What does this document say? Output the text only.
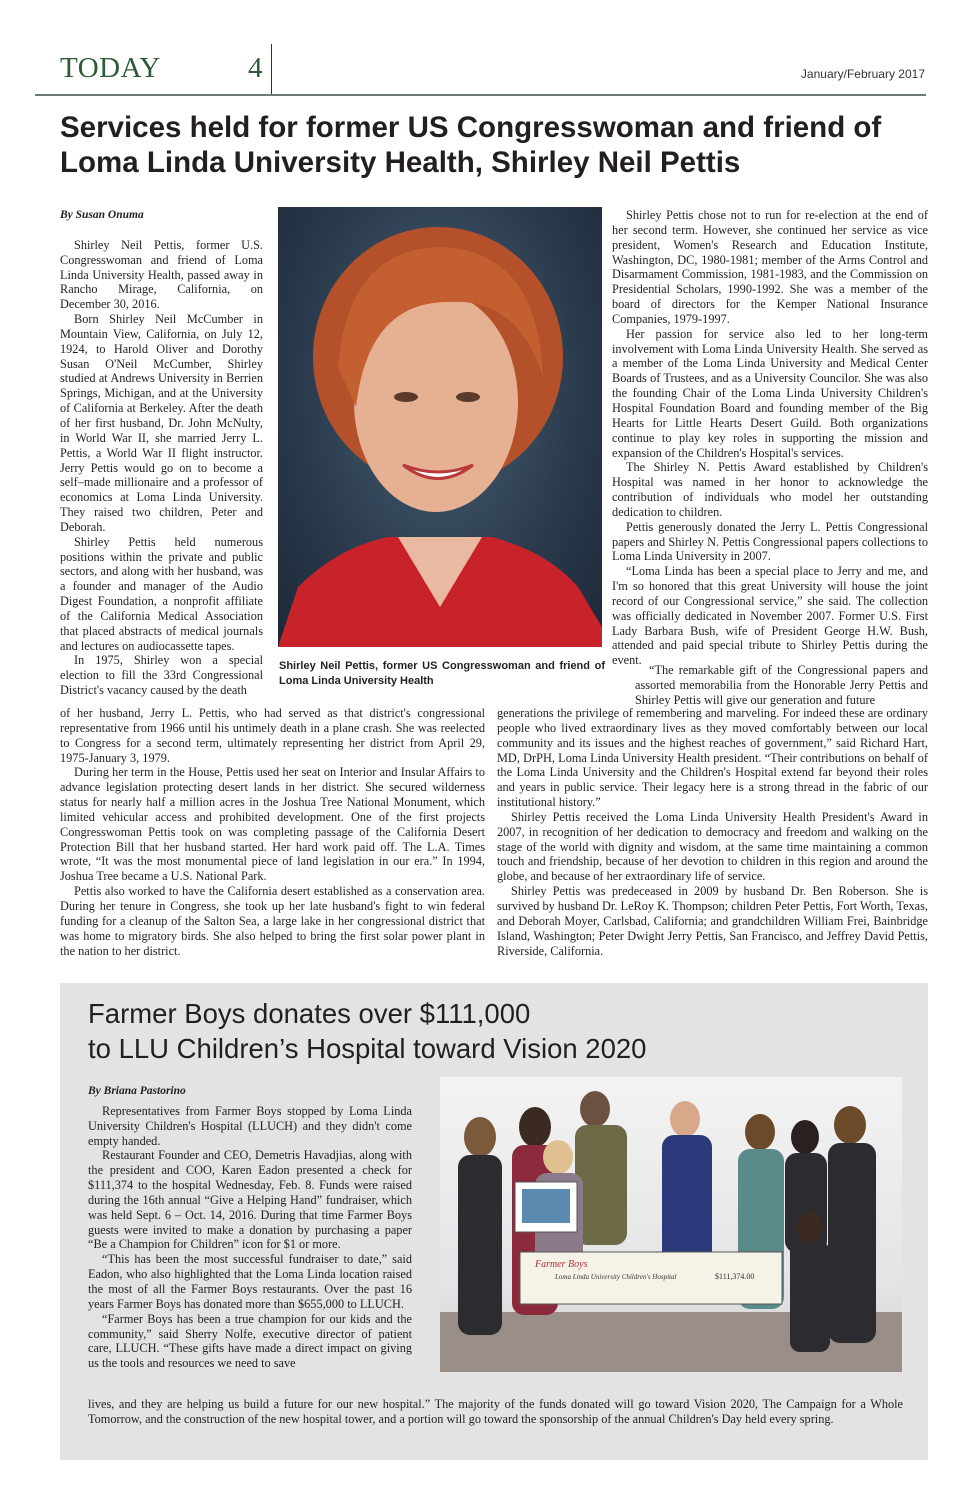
TODAY	4	January/February 2017
Services held for former US Congresswoman and friend of Loma Linda University Health, Shirley Neil Pettis

By Susan Onuma

Shirley Neil Pettis, former U.S. Congresswoman and friend of Loma Linda University Health, passed away in Rancho Mirage, California, on December 30, 2016.

Born Shirley Neil McCumber in Mountain View, California, on July 12, 1924, to Harold Oliver and Dorothy Susan O'Neil McCumber, Shirley studied at Andrews University in Berrien Springs, Michigan, and at the University of California at Berkeley. After the death of her first husband, Dr. John McNulty, in World War II, she married Jerry L. Pettis, a World War II flight instructor. Jerry Pettis would go on to become a self–made millionaire and a professor of economics at Loma Linda University. They raised two children, Peter and Deborah.

Shirley Pettis held numerous positions within the private and public sectors, and along with her husband, was a founder and manager of the Audio Digest Foundation, a nonprofit affiliate of the California Medical Association that placed abstracts of medical journals and lectures on audiocassette tapes.

In 1975, Shirley won a special election to fill the 33rd Congressional District's vacancy caused by the death

Shirley Neil Pettis, former US Congresswoman and friend of Loma Linda University Health

of her husband, Jerry L. Pettis, who had served as that district's congressional representative from 1966 until his untimely death in a plane crash. She was reelected to Congress for a second term, ultimately representing her district from April 29, 1975-January 3, 1979.

During her term in the House, Pettis used her seat on Interior and Insular Affairs to advance legislation protecting desert lands in her district. She secured wilderness status for nearly half a million acres in the Joshua Tree National Monument, which limited vehicular access and prohibited development. One of the first projects Congresswoman Pettis took on was completing passage of the California Desert Protection Bill that her husband started. Her hard work paid off. The L.A. Times wrote, “It was the most monumental piece of land legislation in our era.” In 1994, Joshua Tree became a U.S. National Park.

Pettis also worked to have the California desert established as a conservation area. During her tenure in Congress, she took up her late husband's fight to win federal funding for a cleanup of the Salton Sea, a large lake in her congressional district that was home to migratory birds. She also helped to bring the first solar power plant in the nation to her district.

Shirley Pettis chose not to run for re-election at the end of her second term. However, she continued her service as vice president, Women's Research and Education Institute, Washington, DC, 1980-1981; member of the Arms Control and Disarmament Commission, 1981-1983, and the Commission on Presidential Scholars, 1990-1992. She was a member of the board of directors for the Kemper National Insurance Companies, 1979-1997.

Her passion for service also led to her long-term involvement with Loma Linda University Health. She served as a member of the Loma Linda University and Medical Center Boards of Trustees, and as a University Councilor. She was also the founding Chair of the Loma Linda University Children's Hospital Foundation Board and founding member of the Big Hearts for Little Hearts Desert Guild. Both organizations continue to play key roles in supporting the mission and expansion of the Children's Hospital's services.

The Shirley N. Pettis Award established by Children's Hospital was named in her honor to acknowledge the contribution of individuals who model her outstanding dedication to children.

Pettis generously donated the Jerry L. Pettis Congressional papers and Shirley N. Pettis Congressional papers collections to Loma Linda University in 2007.

“Loma Linda has been a special place to Jerry and me, and I'm so honored that this great University will house the joint record of our Congressional service,” she said. The collection was officially dedicated in November 2007. Former U.S. First Lady Barbara Bush, wife of President George H.W. Bush, attended and paid special tribute to Shirley Pettis during the event.

“The remarkable gift of the Congressional papers and assorted memorabilia from the Honorable Jerry Pettis and Shirley Pettis will give our generation and future

generations the privilege of remembering and marveling. For indeed these are ordinary people who lived extraordinary lives as they moved comfortably between our local community and its issues and the highest reaches of government,” said Richard Hart, MD, DrPH, Loma Linda University Health president. “Their contributions on behalf of the Loma Linda University and the Children's Hospital extend far beyond their roles and years in public service. Their legacy here is a strong thread in the fabric of our institutional history.”

Shirley Pettis received the Loma Linda University Health President's Award in 2007, in recognition of her dedication to democracy and freedom and walking on the stage of the world with dignity and wisdom, at the same time maintaining a common touch and friendship, because of her devotion to children in this region and around the globe, and because of her extraordinary life of service.

Shirley Pettis was predeceased in 2009 by husband Dr. Ben Roberson. She is survived by husband Dr. LeRoy K. Thompson; children Peter Pettis, Fort Worth, Texas, and Deborah Moyer, Carlsbad, California; and grandchildren William Frei, Bainbridge Island, Washington; Peter Dwight Jerry Pettis, San Francisco, and Jeffrey David Pettis, Riverside, California.

Farmer Boys donates over $111,000
to LLU Children’s Hospital toward Vision 2020

By Briana Pastorino

Representatives from Farmer Boys stopped by Loma Linda University Children's Hospital (LLUCH) and they didn't come empty handed.

Restaurant Founder and CEO, Demetris Havadjias, along with the president and COO, Karen Eadon presented a check for $111,374 to the hospital Wednesday, Feb. 8. Funds were raised during the 16th annual “Give a Helping Hand” fundraiser, which was held Sept. 6 – Oct. 14, 2016. During that time Farmer Boys guests were invited to make a donation by purchasing a paper “Be a Champion for Children” icon for $1 or more.

“This has been the most successful fundraiser to date,” said Eadon, who also highlighted that the Loma Linda location raised the most of all the Farmer Boys restaurants. Over the past 16 years Farmer Boys has donated more than $655,000 to LLUCH.

“Farmer Boys has been a true champion for our kids and the community,” said Sherry Nolfe, executive director of patient care, LLUCH. “These gifts have made a direct impact on giving us the tools and resources we need to save

lives, and they are helping us build a future for our new hospital.” The majority of the funds donated will go toward Vision 2020, The Campaign for a Whole Tomorrow, and the construction of the new hospital tower, and a portion will go toward the sponsorship of the annual Children's Day held every spring.

Farmer Boys
Loma Linda University Children's Hospital	$111,374.00
